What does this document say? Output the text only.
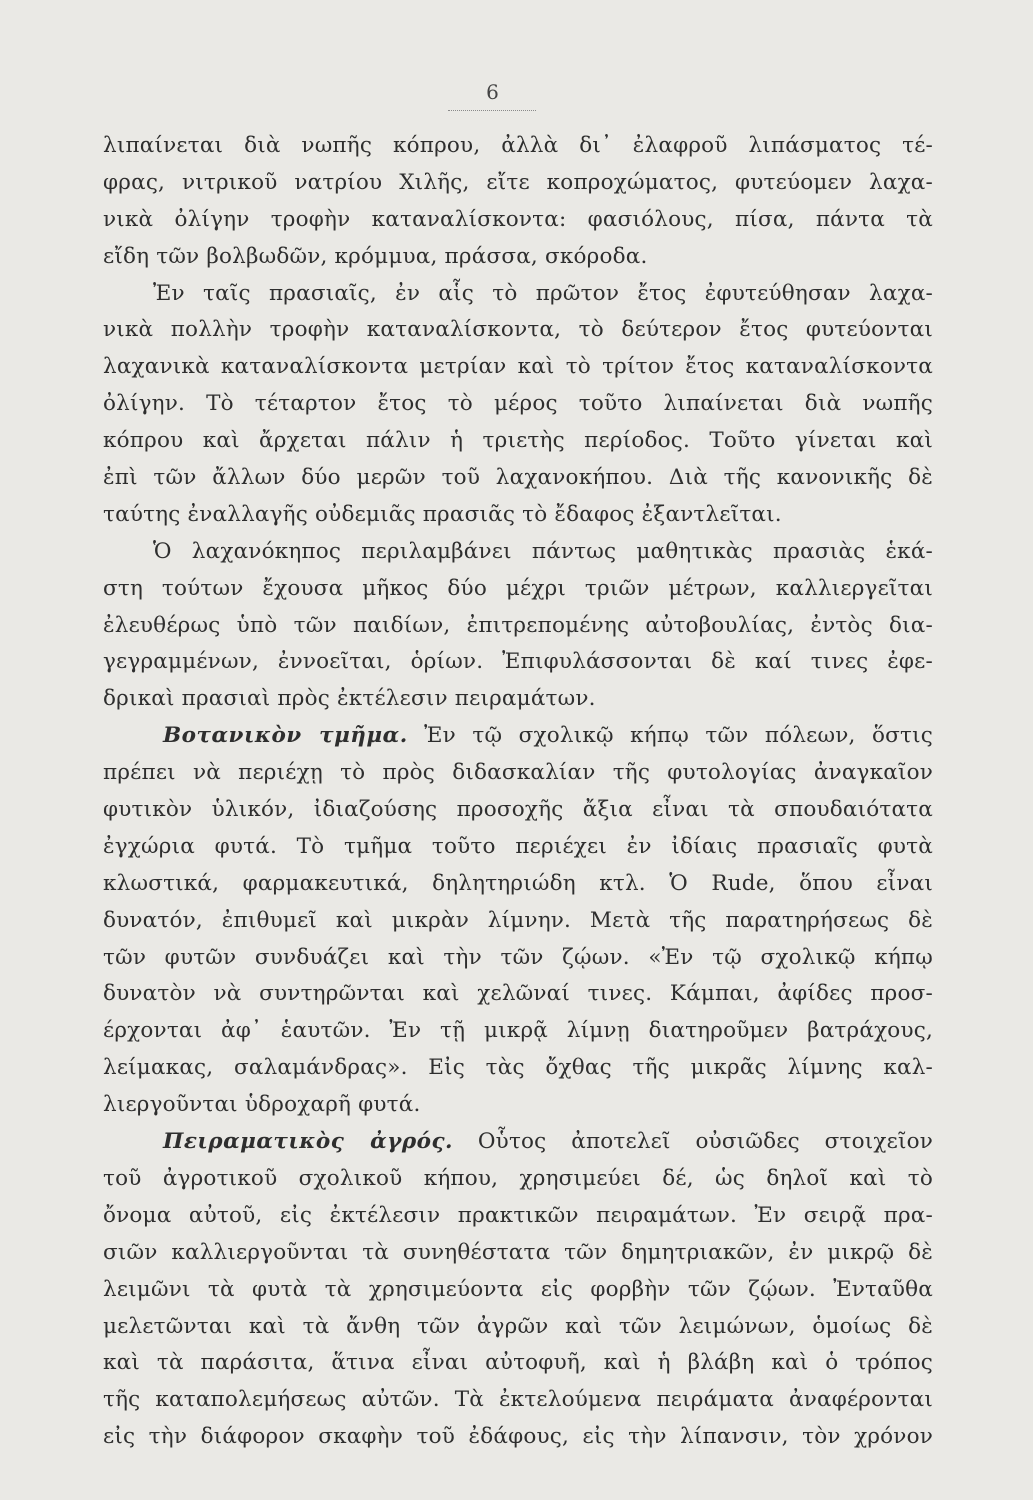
6
λιπαίνεται διὰ νωπῆς κόπρου, ἀλλὰ δι᾽ ἐλαφροῦ λιπάσματος τέ-
φρας, νιτρικοῦ νατρίου Χιλῆς, εἴτε κοπροχώματος, φυτεύομεν λαχα-
νικὰ ὀλίγην τροφὴν καταναλίσκοντα: φασιόλους, πίσα, πάντα τὰ
εἴδη τῶν βολβωδῶν, κρόμμυα, πράσσα, σκόροδα.
Ἐν ταῖς πρασιαῖς, ἐν αἷς τὸ πρῶτον ἔτος ἐφυτεύθησαν λαχα-
νικὰ πολλὴν τροφὴν καταναλίσκοντα, τὸ δεύτερον ἔτος φυτεύονται
λαχανικὰ καταναλίσκοντα μετρίαν καὶ τὸ τρίτον ἔτος καταναλίσκοντα
ὀλίγην. Τὸ τέταρτον ἔτος τὸ μέρος τοῦτο λιπαίνεται διὰ νωπῆς
κόπρου καὶ ἄρχεται πάλιν ἡ τριετὴς περίοδος. Τοῦτο γίνεται καὶ
ἐπὶ τῶν ἄλλων δύο μερῶν τοῦ λαχανοκήπου. Διὰ τῆς κανονικῆς δὲ
ταύτης ἐναλλαγῆς οὐδεμιᾶς πρασιᾶς τὸ ἔδαφος ἐξαντλεῖται.
Ὁ λαχανόκηπος περιλαμβάνει πάντως μαθητικὰς πρασιὰς ἑκά-
στη τούτων ἔχουσα μῆκος δύο μέχρι τριῶν μέτρων, καλλιεργεῖται
ἐλευθέρως ὑπὸ τῶν παιδίων, ἐπιτρεπομένης αὐτοβουλίας, ἐντὸς δια-
γεγραμμένων, ἐννοεῖται, ὁρίων. Ἐπιφυλάσσονται δὲ καί τινες ἐφε-
δρικαὶ πρασιαὶ πρὸς ἐκτέλεσιν πειραμάτων.
Βοτανικὸν τμῆμα. Ἐν τῷ σχολικῷ κήπῳ τῶν πόλεων, ὅστις
πρέπει νὰ περιέχῃ τὸ πρὸς διδασκαλίαν τῆς φυτολογίας ἀναγκαῖον
φυτικὸν ὑλικόν, ἰδιαζούσης προσοχῆς ἄξια εἶναι τὰ σπουδαιότατα
ἐγχώρια φυτά. Τὸ τμῆμα τοῦτο περιέχει ἐν ἰδίαις πρασιαῖς φυτὰ
κλωστικά, φαρμακευτικά, δηλητηριώδη κτλ. Ὁ Rude, ὅπου εἶναι
δυνατόν, ἐπιθυμεῖ καὶ μικρὰν λίμνην. Μετὰ τῆς παρατηρήσεως δὲ
τῶν φυτῶν συνδυάζει καὶ τὴν τῶν ζῴων. «Ἐν τῷ σχολικῷ κήπῳ
δυνατὸν νὰ συντηρῶνται καὶ χελῶναί τινες. Κάμπαι, ἀφίδες προσ-
έρχονται ἀφ᾽ ἑαυτῶν. Ἐν τῇ μικρᾷ λίμνῃ διατηροῦμεν βατράχους,
λείμακας, σαλαμάνδρας». Εἰς τὰς ὄχθας τῆς μικρᾶς λίμνης καλ-
λιεργοῦνται ὑδροχαρῆ φυτά.
Πειραματικὸς ἀγρός. Οὗτος ἀποτελεῖ οὐσιῶδες στοιχεῖον
τοῦ ἀγροτικοῦ σχολικοῦ κήπου, χρησιμεύει δέ, ὡς δηλοῖ καὶ τὸ
ὄνομα αὐτοῦ, εἰς ἐκτέλεσιν πρακτικῶν πειραμάτων. Ἐν σειρᾷ πρα-
σιῶν καλλιεργοῦνται τὰ συνηθέστατα τῶν δημητριακῶν, ἐν μικρῷ δὲ
λειμῶνι τὰ φυτὰ τὰ χρησιμεύοντα εἰς φορβὴν τῶν ζῴων. Ἐνταῦθα
μελετῶνται καὶ τὰ ἄνθη τῶν ἀγρῶν καὶ τῶν λειμώνων, ὁμοίως δὲ
καὶ τὰ παράσιτα, ἅτινα εἶναι αὐτοφυῆ, καὶ ἡ βλάβη καὶ ὁ τρόπος
τῆς καταπολεμήσεως αὐτῶν. Τὰ ἐκτελούμενα πειράματα ἀναφέρονται
εἰς τὴν διάφορον σκαφὴν τοῦ ἐδάφους, εἰς τὴν λίπανσιν, τὸν χρόνον
